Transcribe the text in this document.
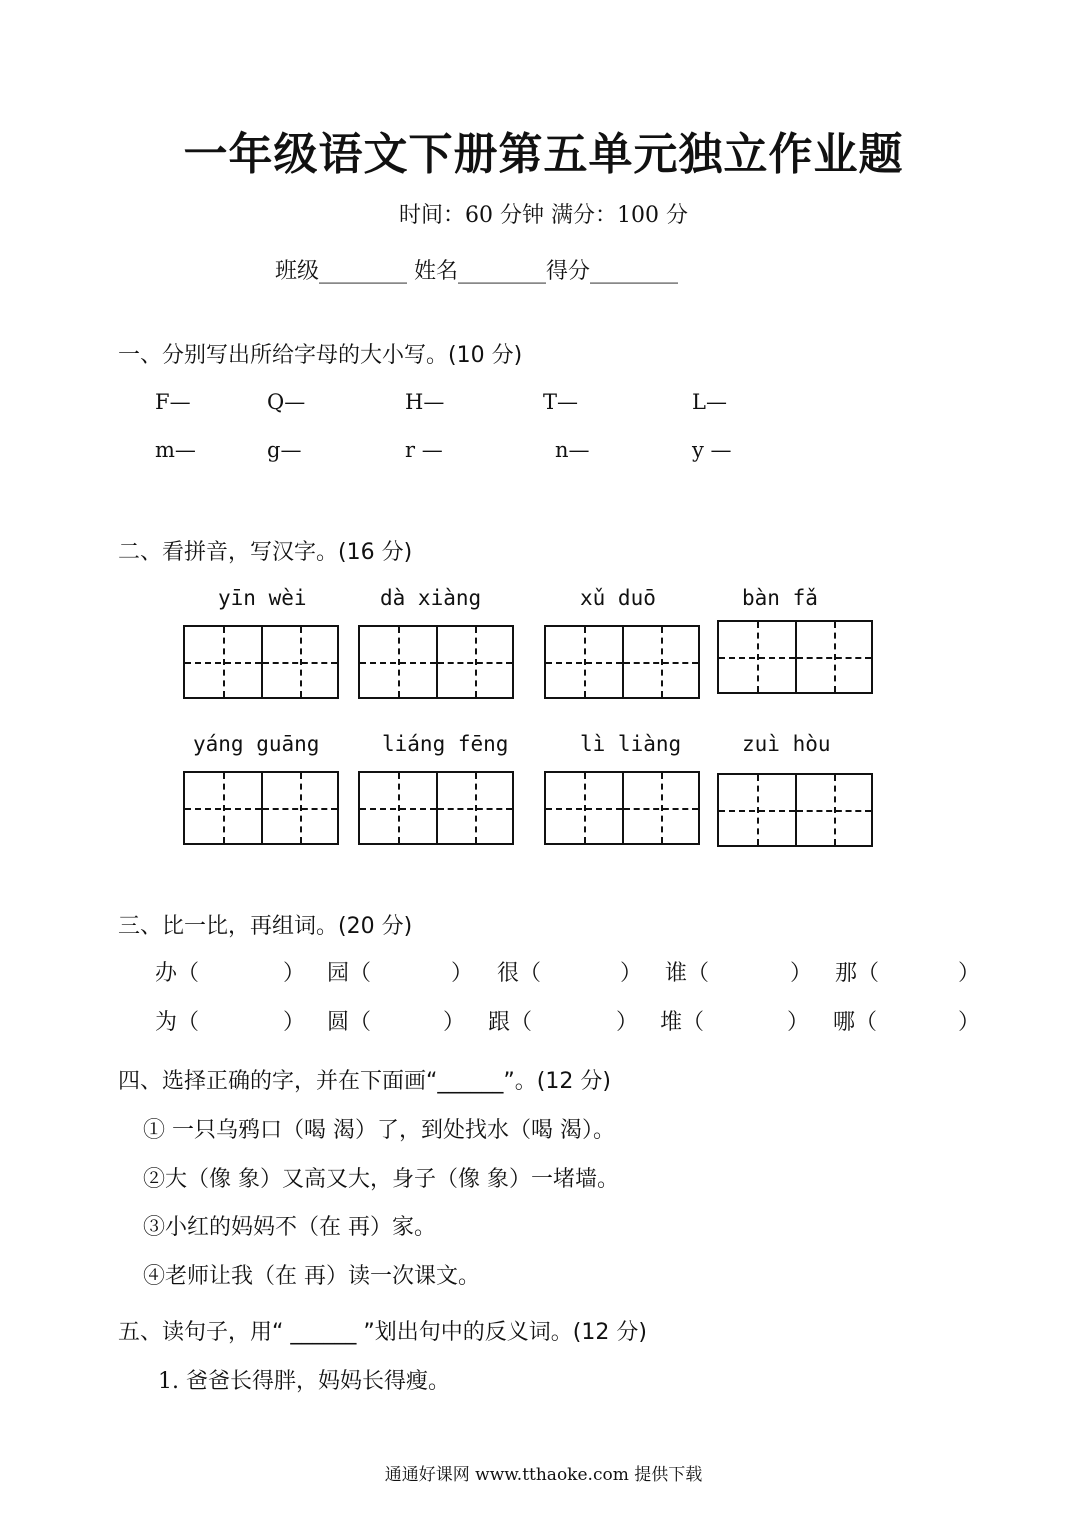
一年级语文下册第五单元独立作业题
时间：60 分钟 满分：100 分
班级________ 姓名________得分________
一、分别写出所给字母的大小写。(10 分)
F—	Q—	H—	T—	L—
m—	g—	r —	n—	y —
二、看拼音，写汉字。(16 分)
yīn wèi	dà xiàng	xǔ duō	bàn fǎ
yáng guāng	liáng fēng	lì liàng	zuì hòu
三、比一比，再组词。(20 分)
办（	） 园（	） 很（	） 谁（	） 那（	）
为（	） 圆（	） 跟（	） 堆（	） 哪（	）
四、选择正确的字，并在下面画“______”。(12 分)
① 一只乌鸦口（喝 渴）了，到处找水（喝 渴）。
②大（像 象）又高又大，身子（像 象）一堵墙。
③小红的妈妈不（在 再）家。
④老师让我（在 再）读一次课文。
五、读句子，用“ ______ ”划出句中的反义词。(12 分)
1. 爸爸长得胖，妈妈长得瘦。
通通好课网 www.tthaoke.com 提供下载
